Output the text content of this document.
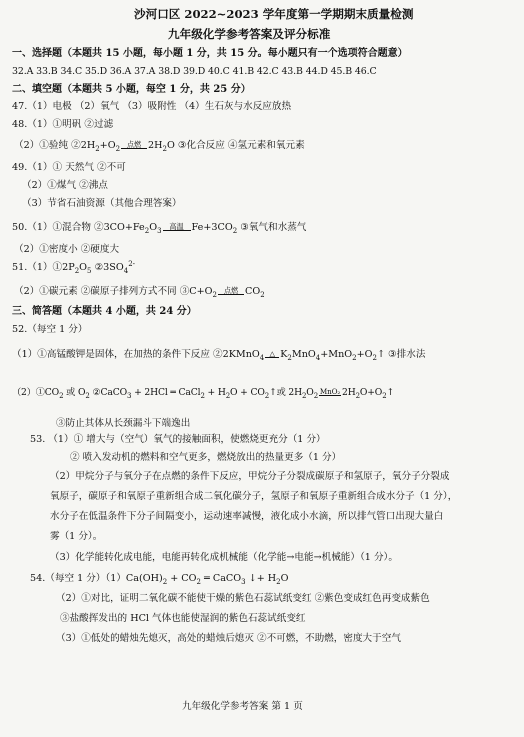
沙河口区 2022~2023 学年度第一学期期末质量检测
九年级化学参考答案及评分标准
一、选择题（本题共 15 小题，每小题 1 分，共 15 分。每小题只有一个选项符合题意）
32.A 33.B 34.C 35.D 36.A 37.A 38.D 39.D 40.C 41.B 42.C 43.B 44.D 45.B 46.C
二、填空题（本题共 5 小题，每空 1 分，共 25 分）
47.（1）电极 （2）氧气 （3）吸附性 （4）生石灰与水反应放热
48.（1）①明矾 ②过滤
（2）①验纯 $②2H_2+O_2$
点燃 $2H_2O$ ③化合反应 ④氢元素和氧元素
49.（1）① 天然气 ②不可
（2）①煤气 ②沸点
（3）节省石油资源（其他合理答案）
50.（1）①混合物 $②3CO+Fe_2O_3$
高温 $Fe+3CO_2$ ③氧气和水蒸气
（2）①密度小 ②硬度大
$51.(1)①2P_2O_5$ $②3SO_4^{2-}$
（2）①碳元素 ②碳原子排列方式不同 $③C+O_2$
点燃 $CO_2$
三、简答题（本题共 4 小题，共 24 分）
52.（每空 1 分）
（1）①高锰酸钾是固体，在加热的条件下反应 ②2KMnO$_4$
△ $K_2MnO_4+MnO_2+O_2↑$ ③排水法
$(2)①CO_2$ 或 $O_2$ ②CaCO$_3$ + 2HCl ═ CaCl$_2$ + $H_2O$ + $CO_2↑$或 $2H_2O_2$
MnO₂ $2H_2O+O_2↑$
③防止其体从长颈漏斗下端逸出
53. （1）① 增大与（空气）氧气的接触面积，使燃烧更充分（1 分）
② 喷入发动机的燃料和空气更多，燃烧放出的热量更多（1 分）
（2）甲烷分子与氧分子在点燃的条件下反应，甲烷分子分裂成碳原子和氢原子，氧分子分裂成
氧原子，碳原子和氧原子重新组合成二氧化碳分子，氢原子和氧原子重新组合成水分子（1 分），
水分子在低温条件下分子间隔变小，运动速率减慢，液化成小水滴，所以排气管口出现大量白
雾（1 分）。
（3）化学能转化成电能，电能再转化成机械能（化学能→电能→机械能）（1 分）。
54.（每空 1 分）$(1)Ca(OH)_2 + CO_2$ ═ CaCO$_3$ ↓+ $H_2O$
（2）①对比，证明二氧化碳不能使干燥的紫色石蕊试纸变红 ②紫色变成红色再变成紫色
③盐酸挥发出的 HCl 气体也能使湿润的紫色石蕊试纸变红
（3）①低处的蜡烛先熄灭，高处的蜡烛后熄灭 ②不可燃，不助燃，密度大于空气
九年级化学参考答案 第 1 页
